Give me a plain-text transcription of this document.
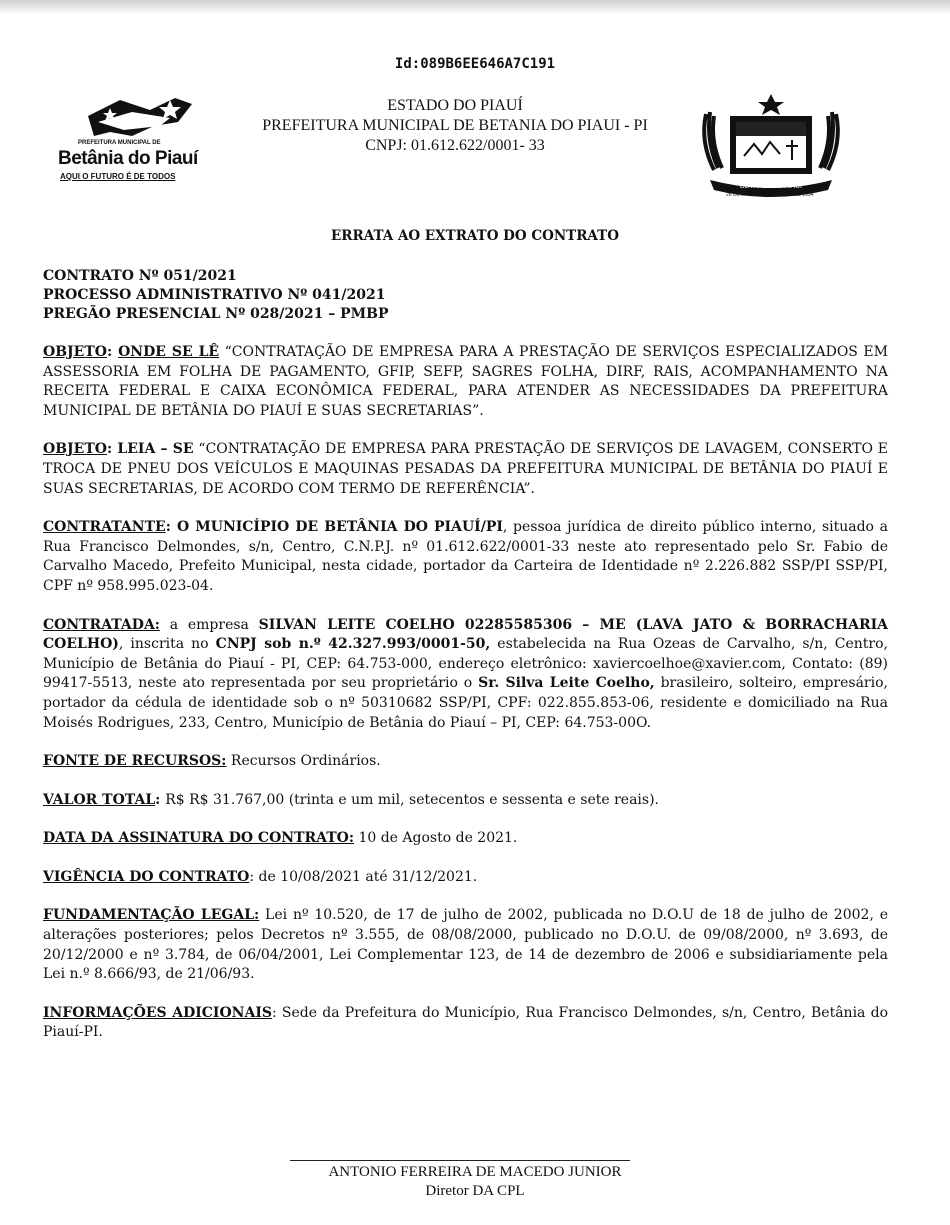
Id:089B6EE646A7C191
PREFEITURA MUNICIPAL DE
Betânia do Piauí
AQUI O FUTURO É DE TODOS
ESTADO DO PIAUÍ
PREFEITURA MUNICIPAL DE BETANIA DO PIAUI - PI
CNPJ: 01.612.622/0001- 33
BETÂNIA DO PIAUÍ
26 DE JANEIRO	DE 1994
ERRATA AO EXTRATO DO CONTRATO
CONTRATO Nº 051/2021
PROCESSO ADMINISTRATIVO Nº 041/2021
PREGÃO PRESENCIAL Nº 028/2021 – PMBP

OBJETO: ONDE SE LÊ “CONTRATAÇÃO DE EMPRESA PARA A PRESTAÇÃO DE SERVIÇOS ESPECIALIZADOS EM ASSESSORIA EM FOLHA DE PAGAMENTO, GFIP, SEFP, SAGRES FOLHA, DIRF, RAIS, ACOMPANHAMENTO NA RECEITA FEDERAL E CAIXA ECONÔMICA FEDERAL, PARA ATENDER AS NECESSIDADES DA PREFEITURA MUNICIPAL DE BETÂNIA DO PIAUÍ E SUAS SECRETARIAS”.

OBJETO: LEIA – SE “CONTRATAÇÃO DE EMPRESA PARA PRESTAÇÃO DE SERVIÇOS DE LAVAGEM, CONSERTO E TROCA DE PNEU DOS VEÍCULOS E MAQUINAS PESADAS DA PREFEITURA MUNICIPAL DE BETÂNIA DO PIAUÍ E SUAS SECRETARIAS, DE ACORDO COM TERMO DE REFERÊNCIA”.

CONTRATANTE: O MUNICÍPIO DE BETÂNIA DO PIAUÍ/PI, pessoa jurídica de direito público interno, situado a Rua Francisco Delmondes, s/n, Centro, C.N.P.J. nº 01.612.622/0001-33 neste ato representado pelo Sr. Fabio de Carvalho Macedo, Prefeito Municipal, nesta cidade, portador da Carteira de Identidade nº 2.226.882 SSP/PI SSP/PI, CPF nº 958.995.023-04.

CONTRATADA: a empresa SILVAN LEITE COELHO 02285585306 – ME (LAVA JATO & BORRACHARIA COELHO), inscrita no CNPJ sob n.º 42.327.993/0001-50, estabelecida na Rua Ozeas de Carvalho, s/n, Centro, Município de Betânia do Piauí - PI, CEP: 64.753-000, endereço eletrônico: xaviercoelhoe@xavier.com, Contato: (89) 99417-5513, neste ato representada por seu proprietário o Sr. Silva Leite Coelho, brasileiro, solteiro, empresário, portador da cédula de identidade sob o nº 50310682 SSP/PI, CPF: 022.855.853-06, residente e domiciliado na Rua Moisés Rodrigues, 233, Centro, Município de Betânia do Piauí – PI, CEP: 64.753-00O.

FONTE DE RECURSOS: Recursos Ordinários.

VALOR TOTAL: R$ R$ 31.767,00 (trinta e um mil, setecentos e sessenta e sete reais).

DATA DA ASSINATURA DO CONTRATO: 10 de Agosto de 2021.

VIGÊNCIA DO CONTRATO: de 10/08/2021 até 31/12/2021.

FUNDAMENTAÇÃO LEGAL: Lei nº 10.520, de 17 de julho de 2002, publicada no D.O.U de 18 de julho de 2002, e alterações posteriores; pelos Decretos nº 3.555, de 08/08/2000, publicado no D.O.U. de 09/08/2000, nº 3.693, de 20/12/2000 e nº 3.784, de 06/04/2001, Lei Complementar 123, de 14 de dezembro de 2006 e subsidiariamente pela Lei n.º 8.666/93, de 21/06/93.

INFORMAÇÕES ADICIONAIS: Sede da Prefeitura do Município, Rua Francisco Delmondes, s/n, Centro, Betânia do Piauí-PI.

ANTONIO FERREIRA DE MACEDO JUNIOR
Diretor DA CPL
